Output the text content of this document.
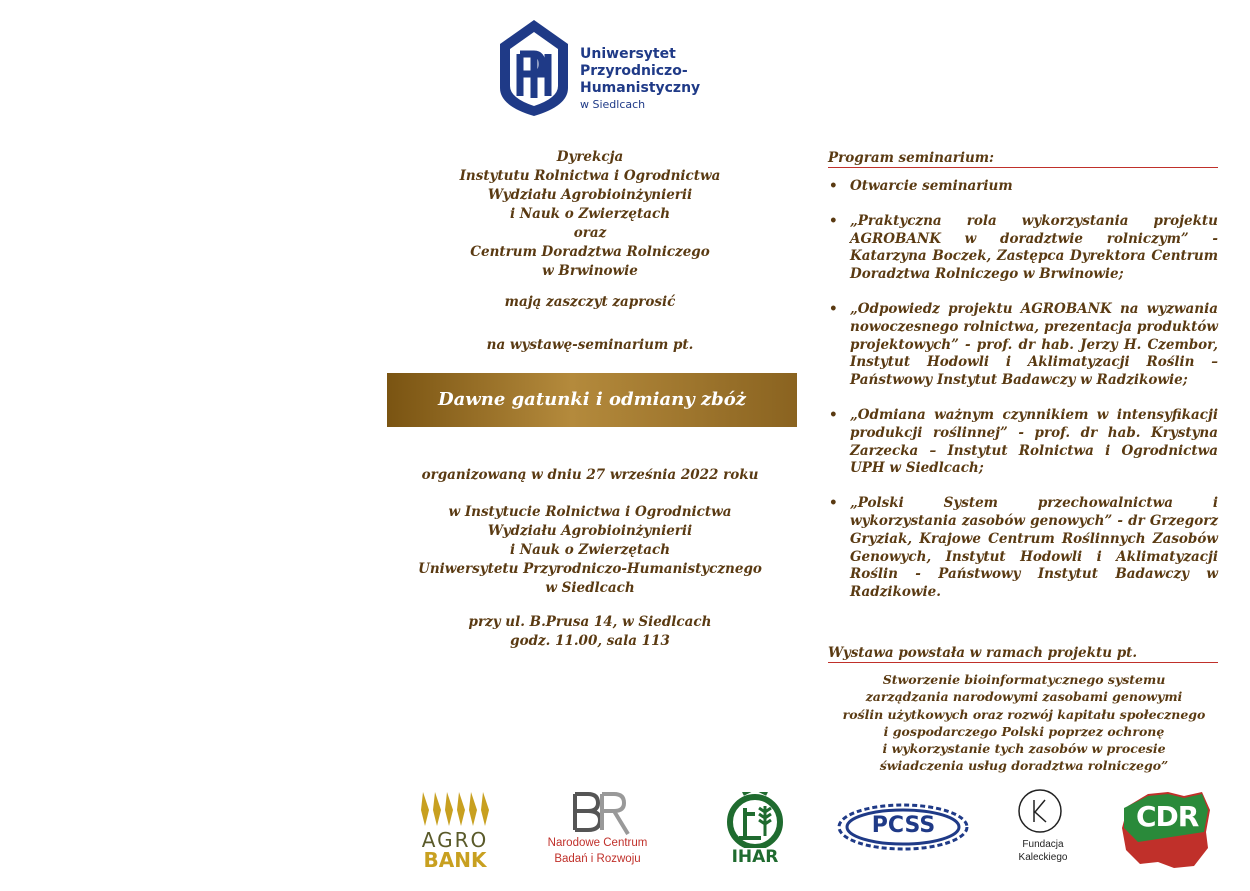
Uniwersytet
Przyrodniczo-
Humanistyczny
w Siedlcach
Dyrekcja
Instytutu Rolnictwa i Ogrodnictwa
Wydziału Agrobioinżynierii
i Nauk o Zwierzętach
oraz
Centrum Doradztwa Rolniczego
w Brwinowie
mają zaszczyt zaprosić
na wystawę-seminarium pt.
Dawne gatunki i odmiany zbóż
organizowaną w dniu 27 września 2022 roku
w Instytucie Rolnictwa i Ogrodnictwa
Wydziału Agrobioinżynierii
i Nauk o Zwierzętach
Uniwersytetu Przyrodniczo-Humanistycznego
w Siedlcach
przy ul. B.Prusa 14, w Siedlcach
godz. 11.00, sala 113
Program seminarium:
• Otwarcie seminarium
• „Praktyczna rola wykorzystania projektu AGROBANK w doradztwie rolniczym” - Katarzyna Boczek, Zastępca Dyrektora Centrum Doradztwa Rolniczego w Brwinowie;
• „Odpowiedz projektu AGROBANK na wyzwania nowoczesnego rolnictwa, prezentacja produktów projektowych” - prof. dr hab. Jerzy H. Czembor, Instytut Hodowli i Aklimatyzacji Roślin – Państwowy Instytut Badawczy w Radzikowie;
• „Odmiana ważnym czynnikiem w intensyfikacji produkcji roślinnej” - prof. dr hab. Krystyna Zarzecka – Instytut Rolnictwa i Ogrodnictwa UPH w Siedlcach;
• „Polski System przechowalnictwa i wykorzystania zasobów genowych” - dr Grzegorz Gryziak, Krajowe Centrum Roślinnych Zasobów Genowych, Instytut Hodowli i Aklimatyzacji Roślin - Państwowy Instytut Badawczy w Radzikowie.
Wystawa powstała w ramach projektu pt.
Stworzenie bioinformatycznego systemu
zarządzania narodowymi zasobami genowymi
roślin użytkowych oraz rozwój kapitału społecznego
i gospodarczego Polski poprzez ochronę
i wykorzystanie tych zasobów w procesie
świadczenia usług doradztwa rolniczego”
AGRO
BANK
Narodowe Centrum
Badań i Rozwoju	IHAR
PCSS
Fundacja
Kaleckiego
CDR
